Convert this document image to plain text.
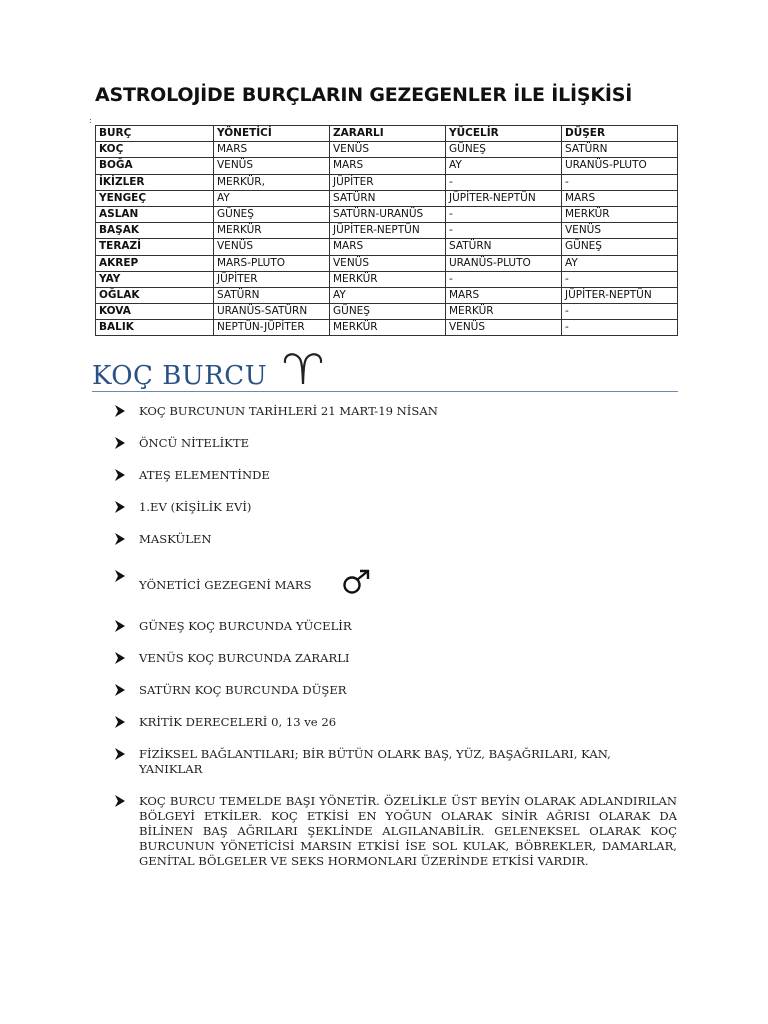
ASTROLOJİDE BURÇLARIN GEZEGENLER İLE İLİŞKİSİ
:
BURÇ	YÖNETİCİ	ZARARLI	YÜCELİR	DÜŞER
KOÇ	MARS	VENÜS	GÜNEŞ	SATÜRN
BOĞA	VENÜS	MARS	AY	URANÜS-PLUTO
İKİZLER	MERKÜR,	JÜPİTER	-	-
YENGEÇ	AY	SATÜRN	JÜPİTER-NEPTÜN	MARS
ASLAN	GÜNEŞ	SATÜRN-URANÜS	-	MERKÜR
BAŞAK	MERKÜR	JÜPİTER-NEPTÜN	-	VENÜS
TERAZİ	VENÜS	MARS	SATÜRN	GÜNEŞ
AKREP	MARS-PLUTO	VENÜS	URANÜS-PLUTO	AY
YAY	JÜPİTER	MERKÜR	-	-
OĞLAK	SATÜRN	AY	MARS	JÜPİTER-NEPTÜN
KOVA	URANÜS-SATÜRN	GÜNEŞ	MERKÜR	-
BALIK	NEPTÜN-JÜPİTER	MERKÜR	VENÜS	-
KOÇ BURCU
KOÇ BURCUNUN TARİHLERİ 21 MART-19 NİSAN
ÖNCÜ NİTELİKTE
ATEŞ ELEMENTİNDE
1.EV (KİŞİLİK EVİ)
MASKÜLEN
YÖNETİCİ GEZEGENİ MARS
GÜNEŞ KOÇ BURCUNDA YÜCELİR
VENÜS KOÇ BURCUNDA ZARARLI
SATÜRN KOÇ BURCUNDA DÜŞER
KRİTİK DERECELERİ 0, 13 ve 26
FİZİKSEL BAĞLANTILARI; BİR BÜTÜN OLARK BAŞ, YÜZ, BAŞAĞRILARI, KAN, YANIKLAR
KOÇ BURCU TEMELDE BAŞI YÖNETİR. ÖZELİKLE ÜST BEYİN OLARAK ADLANDIRILAN BÖLGEYİ ETKİLER. KOÇ ETKİSİ EN YOĞUN OLARAK SİNİR AĞRISI OLARAK DA BİLİNEN BAŞ AĞRILARI ŞEKLİNDE ALGILANABİLİR. GELENEKSEL OLARAK KOÇ BURCUNUN YÖNETİCİSİ MARSIN ETKİSİ İSE SOL KULAK, BÖBREKLER, DAMARLAR, GENİTAL BÖLGELER VE SEKS HORMONLARI ÜZERİNDE ETKİSİ VARDIR.
